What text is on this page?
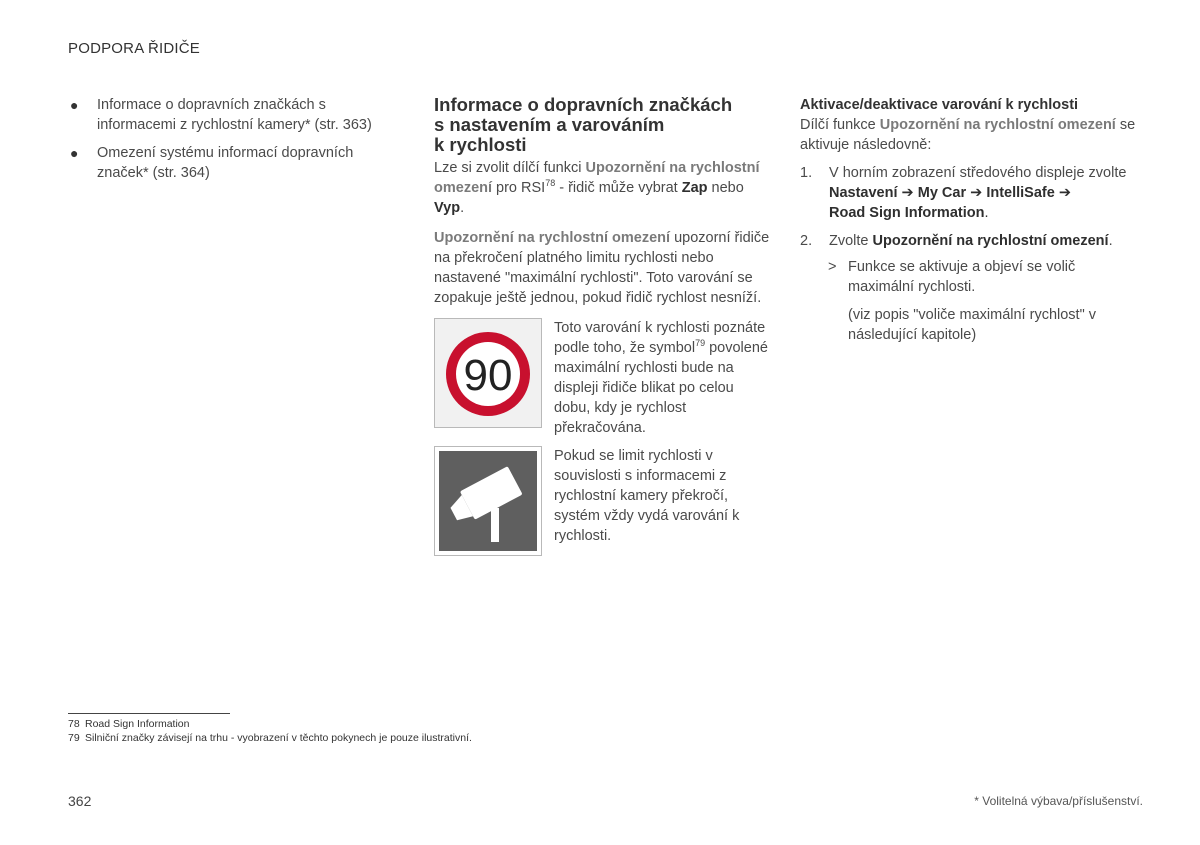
PODPORA ŘIDIČE
● Informace o dopravních značkách s informacemi z rychlostní kamery* (str. 363)
● Omezení systému informací dopravních značek* (str. 364)
Informace o dopravních značkách
s nastavením a varováním
k rychlosti

Lze si zvolit dílčí funkci Upozornění na rychlostní omezení pro RSI$^{78}$ - řidič může vybrat Zap nebo Vyp.

Upozornění na rychlostní omezení upozorní řidiče na překročení platného limitu rychlosti nebo nastavené "maximální rychlosti". Toto varování se zopakuje ještě jednou, pokud řidič rychlost nesníží.

90
Toto varování k rychlosti poznáte podle toho, že symbol$^{79}$ povolené maximální rychlosti bude na displeji řidiče blikat po celou dobu, kdy je rychlost překračována.
Pokud se limit rychlosti v souvislosti s informacemi z rychlostní kamery překročí, systém vždy vydá varování k rychlosti.
Aktivace/deaktivace varování k rychlosti
Dílčí funkce Upozornění na rychlostní omezení se aktivuje následovně:
1. V horním zobrazení středového displeje zvolte
Nastavení ➔ My Car ➔ IntelliSafe ➔
Road Sign Information.
2. Zvolte Upozornění na rychlostní omezení.
> Funkce se aktivuje a objeví se volič maximální rychlosti.
(viz popis "voliče maximální rychlost" v následující kapitole)
78 Road Sign Information
79 Silniční značky závisejí na trhu - vyobrazení v těchto pokynech je pouze ilustrativní.
362	* Volitelná výbava/příslušenství.
